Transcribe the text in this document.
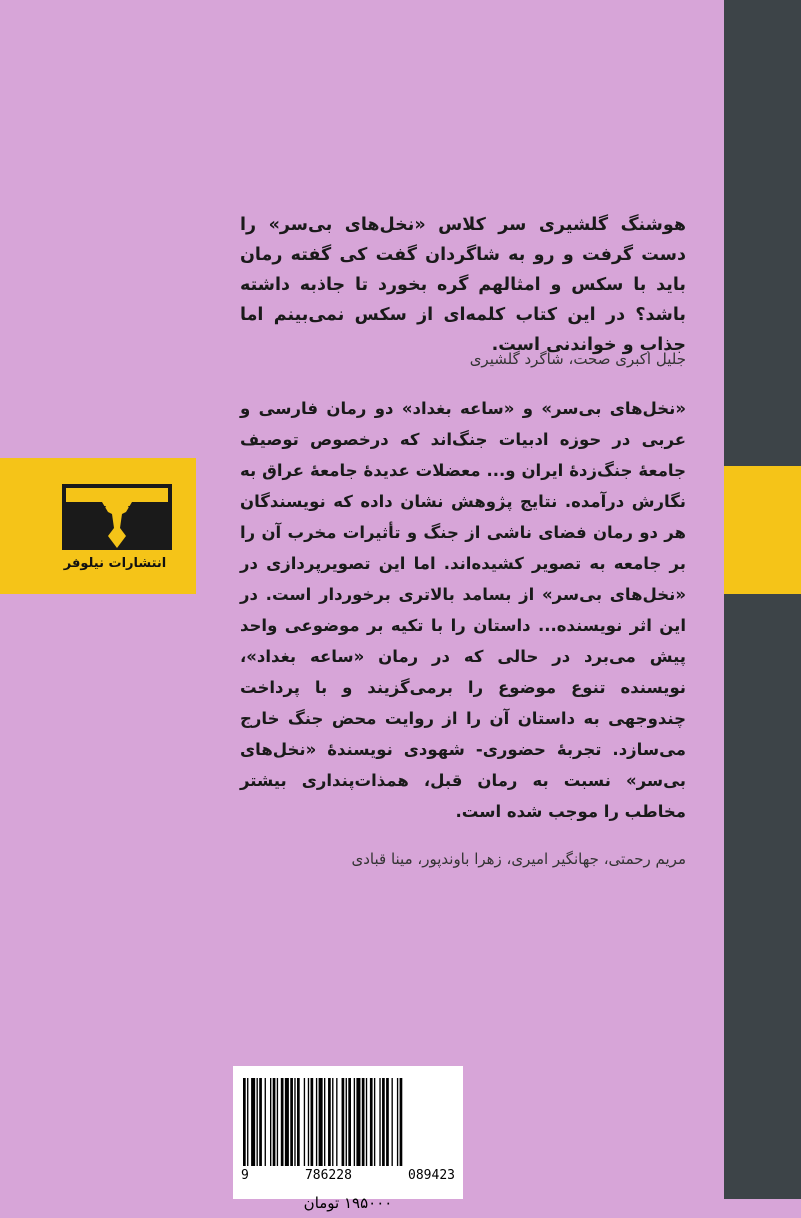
انتشارات نیلوفر
هوشنگ گلشیری سر کلاس «نخل‌های بی‌سر» را دست گرفت و رو به شاگردان گفت کی گفته رمان باید با سکس و امثالهم گره بخورد تا جاذبه داشته باشد؟ در این کتاب کلمه‌ای از سکس نمی‌بینم اما جذاب و خواندنی است.
جلیل اکبری صحت، شاگرد گلشیری
«نخل‌های بی‌سر» و «ساعه بغداد» دو رمان فارسی و عربی در حوزه ادبیات جنگ‌اند که درخصوص توصیف جامعهٔ جنگ‌زدهٔ ایران و... معضلات عدیدهٔ جامعهٔ عراق به نگارش درآمده. نتایج پژوهش نشان داده که نویسندگان هر دو رمان فضای ناشی از جنگ و تأثیرات مخرب آن را بر جامعه به تصویر کشیده‌اند. اما این تصویرپردازی در «نخل‌های بی‌سر» از بسامد بالاتری برخوردار است. در این اثر نویسنده... داستان را با تکیه بر موضوعی واحد پیش می‌برد در حالی که در رمان «ساعه بغداد»، نویسنده تنوع موضوع را برمی‌گزیند و با پرداخت چندوجهی به داستان آن را از روایت محض جنگ خارج می‌سازد. تجربهٔ حضوری- شهودی نویسندهٔ «نخل‌های بی‌سر» نسبت به رمان قبل، همذات‌پنداری بیشتر مخاطب را موجب شده است.
مریم رحمتی، جهانگیر امیری، زهرا باوندپور، مینا قبادی
9	786228	089423
۱۹۵۰۰۰ تومان
